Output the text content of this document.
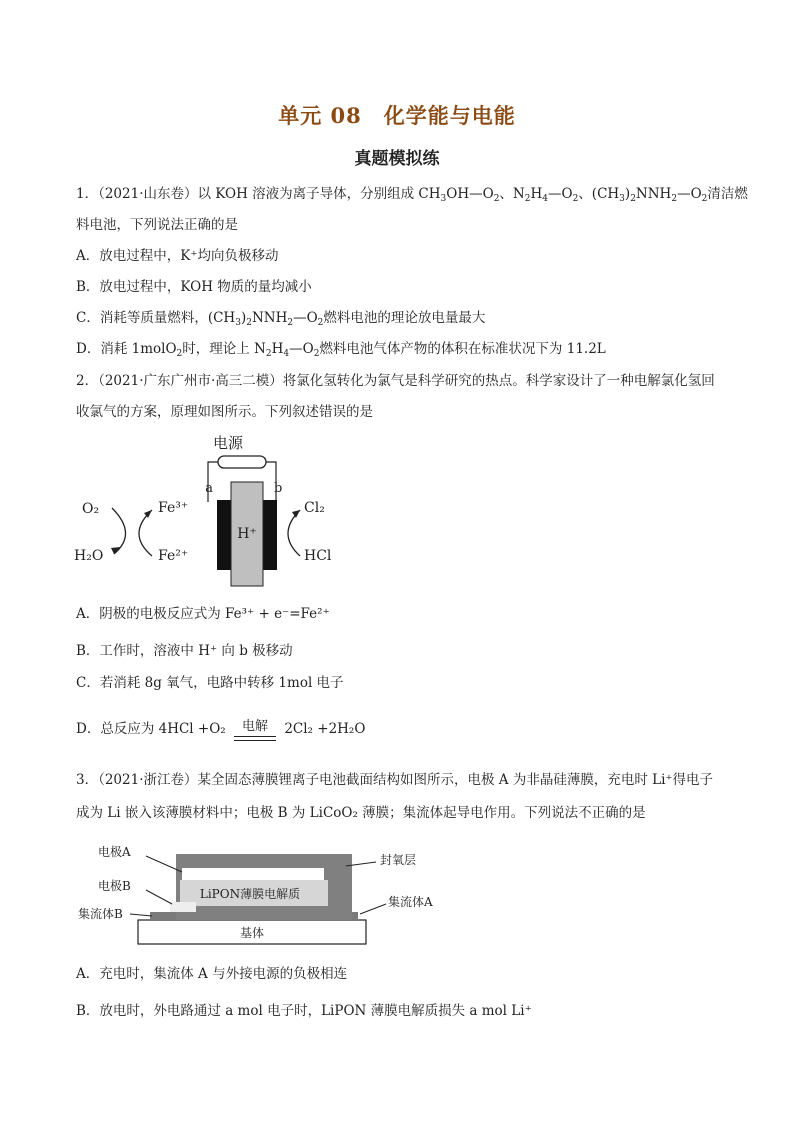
单元 08　化学能与电能
真题模拟练
1．（2021·山东卷）以 KOH 溶液为离子导体，分别组成 $CH_3OH—O_2$、$N_2H_4—O_2$、$(CH_3)_2NNH_2—O_2$清洁燃
料电池，下列说法正确的是
A．放电过程中，K⁺均向负极移动
B．放电过程中，KOH 物质的量均减小
C．消耗等质量燃料，$(CH_3)_2NNH_2—O_2$燃料电池的理论放电量最大
D．消耗 1molO$_2$时，理论上 $N_2H_4—O_2$燃料电池气体产物的体积在标准状况下为 11.2L
2．（2021·广东广州市·高三二模）将氯化氢转化为氯气是科学研究的热点。科学家设计了一种电解氯化氢回
收氯气的方案，原理如图所示。下列叙述错误的是
电源
a	b
H⁺
O₂
H₂O
Fe³⁺
Fe²⁺
Cl₂
HCl
A．阴极的电极反应式为 Fe³⁺ + e⁻=Fe²⁺
B．工作时，溶液中 H⁺ 向 b 极移动
C．若消耗 8g 氧气，电路中转移 1mol 电子
D．总反应为 4HCl +O₂	电解	2Cl₂ +2H₂O
3．（2021·浙江卷）某全固态薄膜锂离子电池截面结构如图所示，电极 A 为非晶硅薄膜，充电时 Li⁺得电子
成为 Li 嵌入该薄膜材料中；电极 B 为 LiCoO₂ 薄膜；集流体起导电作用。下列说法不正确的是
基体
LiPON薄膜电解质
电极A
电极B
集流体B
封氧层
集流体A
A．充电时，集流体 A 与外接电源的负极相连
B．放电时，外电路通过 a mol 电子时，LiPON 薄膜电解质损失 a mol Li⁺
